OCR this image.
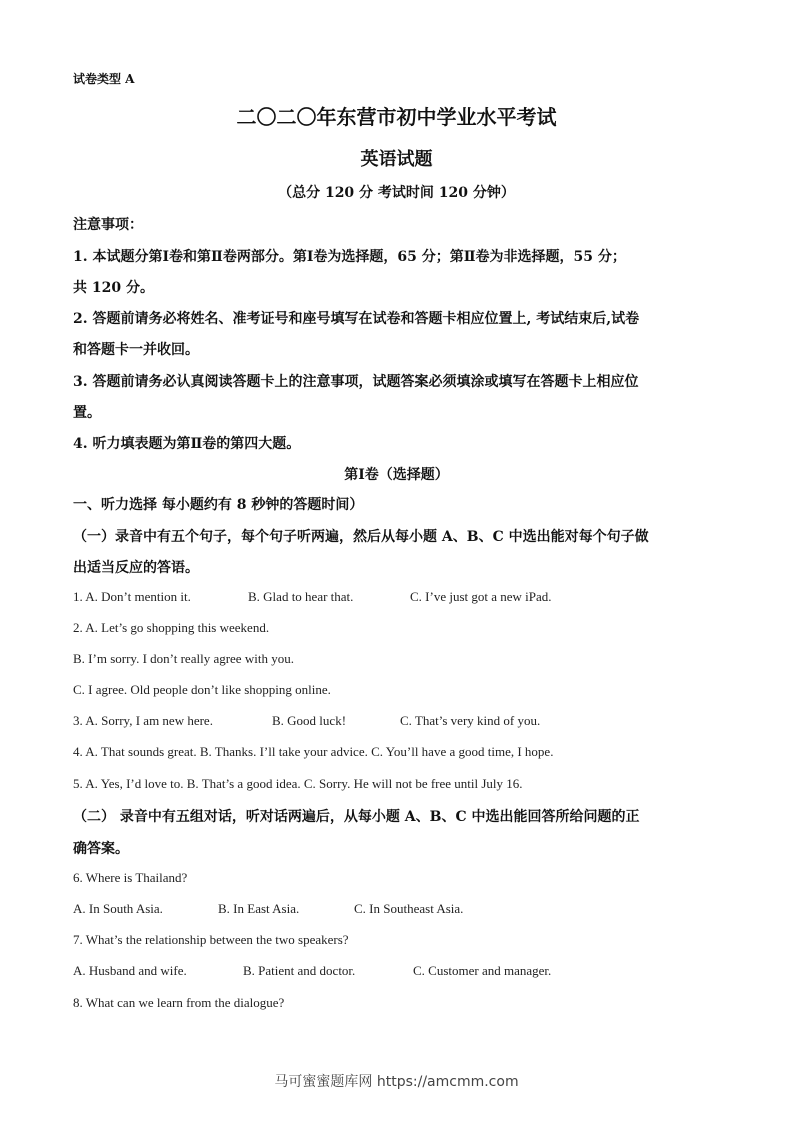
试卷类型 A
二〇二〇年东营市初中学业水平考试
英语试题
（总分 120 分 考试时间 120 分钟）
注意事项：
1. 本试题分第Ⅰ卷和第Ⅱ卷两部分。第Ⅰ卷为选择题，65 分；第Ⅱ卷为非选择题，55 分；
共 120 分。
2. 答题前请务必将姓名、准考证号和座号填写在试卷和答题卡相应位置上, 考试结束后,试卷
和答题卡一并收回。
3. 答题前请务必认真阅读答题卡上的注意事项，试题答案必须填涂或填写在答题卡上相应位
置。
4. 听力填表题为第Ⅱ卷的第四大题。
第Ⅰ卷（选择题）
一、听力选择 每小题约有 8 秒钟的答题时间）
（一）录音中有五个句子，每个句子听两遍，然后从每小题 A、B、C 中选出能对每个句子做
出适当反应的答语。
1. A. Don’t mention it.	B. Glad to hear that.	C. I’ve just got a new iPad.
2. A. Let’s go shopping this weekend.
B. I’m sorry. I don’t really agree with you.
C. I agree. Old people don’t like shopping online.
3. A. Sorry, I am new here.	B. Good luck!	C. That’s very kind of you.
4. A. That sounds great. B. Thanks. I’ll take your advice. C. You’ll have a good time, I hope.
5. A. Yes, I’d love to. B. That’s a good idea. C. Sorry. He will not be free until July 16.
（二） 录音中有五组对话，听对话两遍后，从每小题 A、B、C 中选出能回答所给问题的正
确答案。
6. Where is Thailand?
A. In South Asia.	B. In East Asia.	C. In Southeast Asia.
7. What’s the relationship between the two speakers?
A. Husband and wife.	B. Patient and doctor.	C. Customer and manager.
8. What can we learn from the dialogue?
马可蜜蜜题库网 https://amcmm.com
